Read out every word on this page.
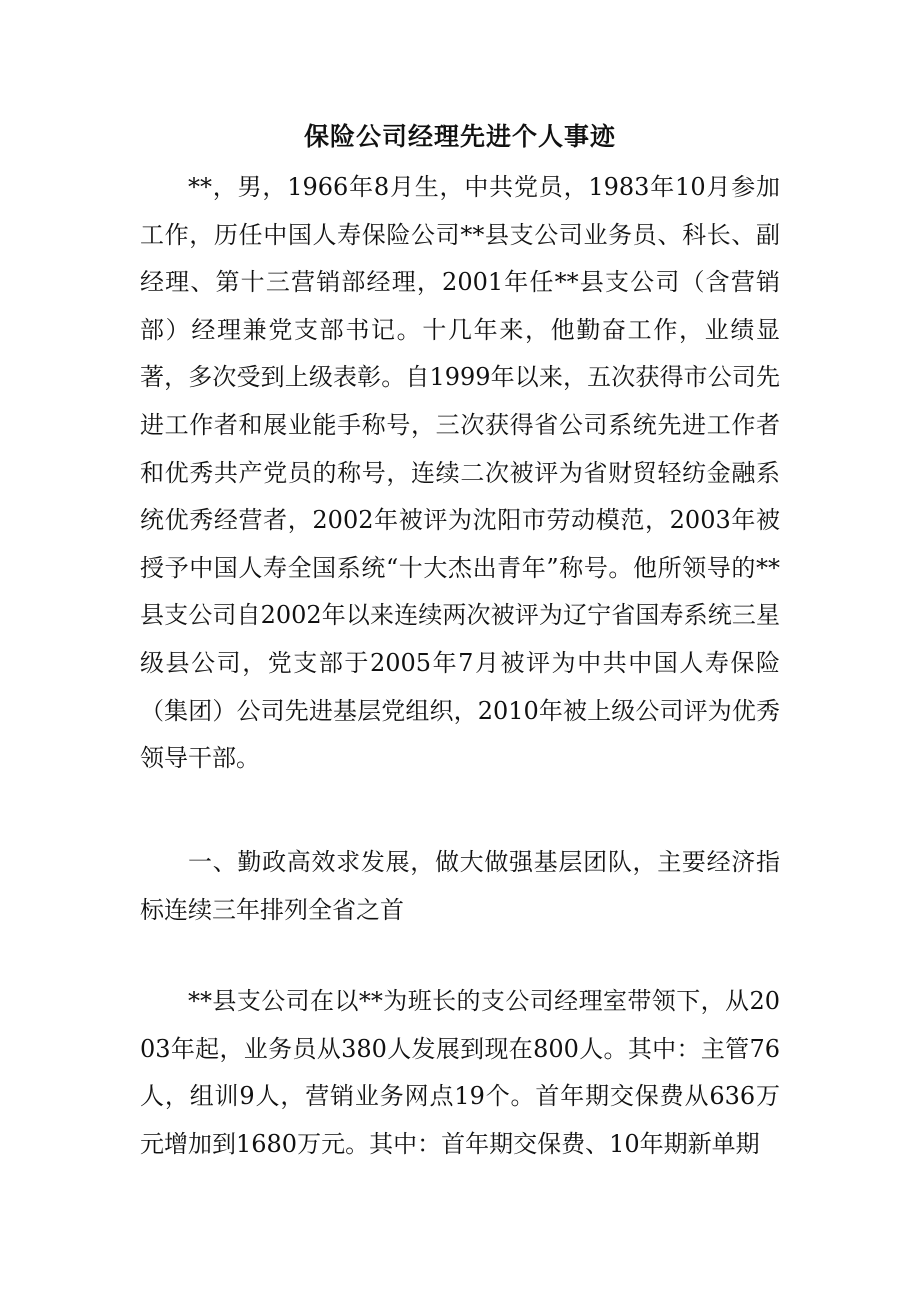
保险公司经理先进个人事迹

**，男，1966年8月生，中共党员，1983年10月参加工作，历任中国人寿保险公司**县支公司业务员、科长、副经理、第十三营销部经理，2001年任**县支公司（含营销部）经理兼党支部书记。十几年来，他勤奋工作，业绩显著，多次受到上级表彰。自1999年以来，五次获得市公司先进工作者和展业能手称号，三次获得省公司系统先进工作者和优秀共产党员的称号，连续二次被评为省财贸轻纺金融系统优秀经营者，2002年被评为沈阳市劳动模范，2003年被授予中国人寿全国系统“十大杰出青年”称号。他所领导的**县支公司自2002年以来连续两次被评为辽宁省国寿系统三星级县公司，党支部于2005年7月被评为中共中国人寿保险（集团）公司先进基层党组织，2010年被上级公司评为优秀领导干部。

一、勤政高效求发展，做大做强基层团队，主要经济指标连续三年排列全省之首

**县支公司在以**为班长的支公司经理室带领下，从2003年起，业务员从380人发展到现在800人。其中：主管76人，组训9人，营销业务网点19个。首年期交保费从636万元增加到1680万元。其中：首年期交保费、10年期新单期
